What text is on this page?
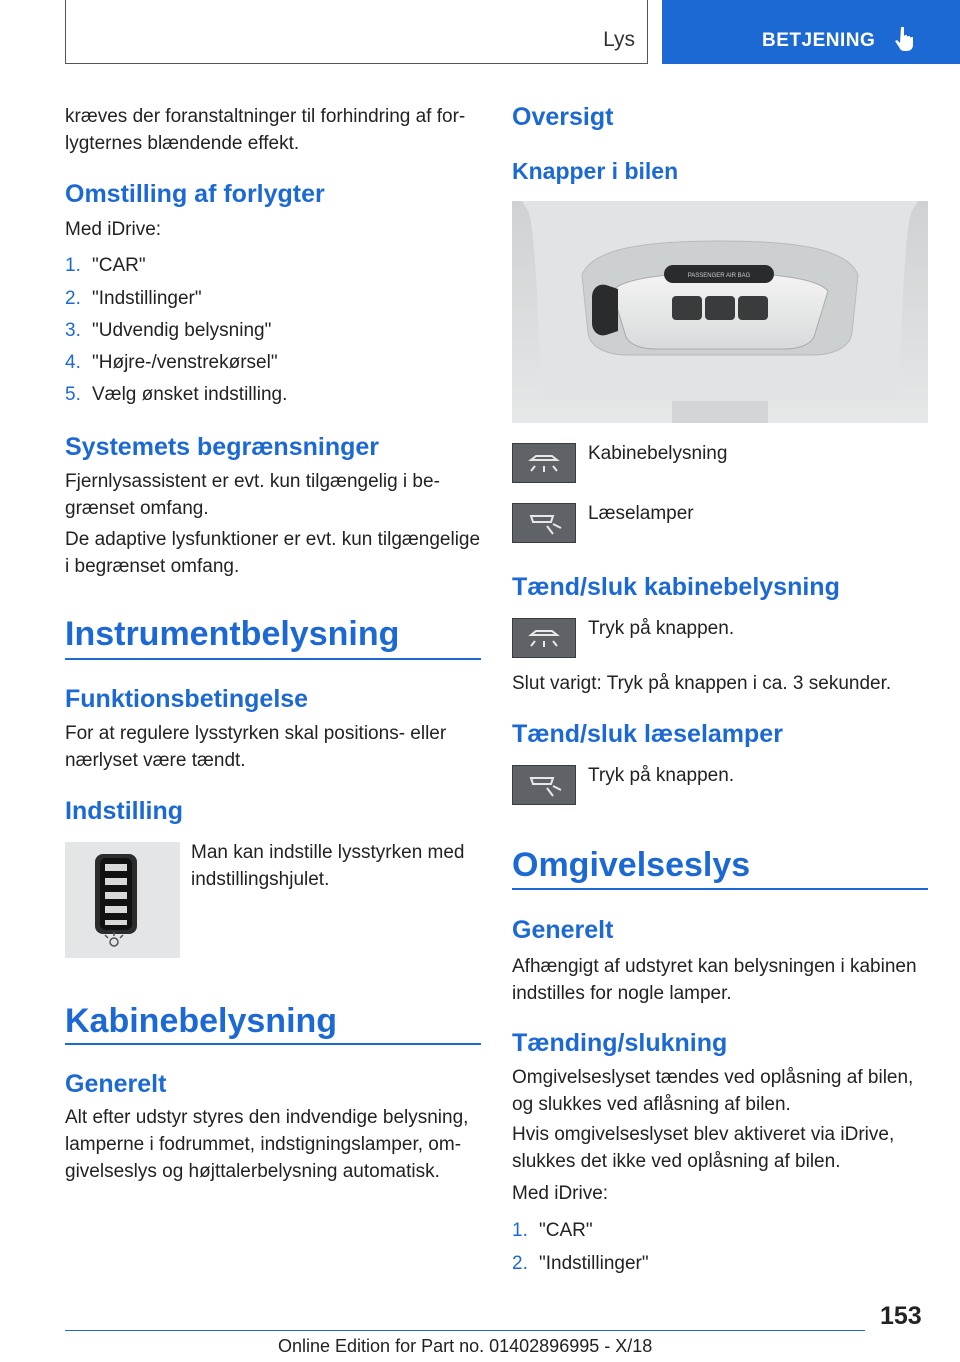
Lys	BETJENING
kræves der foranstaltninger til forhindring af forlygternes blændende effekt.
Omstilling af forlygter
Med iDrive:
1. "CAR"
2. "Indstillinger"
3. "Udvendig belysning"
4. "Højre-/venstrekørsel"
5. Vælg ønsket indstilling.
Systemets begrænsninger
Fjernlysassistent er evt. kun tilgængelig i begrænset omfang.
De adaptive lysfunktioner er evt. kun tilgængelige i begrænset omfang.
Instrumentbelysning
Funktionsbetingelse
For at regulere lysstyrken skal positions- eller nærlyset være tændt.
Indstilling
Man kan indstille lysstyrken med indstillingshjulet.
Kabinebelysning
Generelt
Alt efter udstyr styres den indvendige belysning, lamperne i fodrummet, indstigningslamper, omgivelseslys og højttalerbelysning automatisk.
Oversigt
Knapper i bilen
PASSENGER AIR BAG
Kabinebelysning
Læselamper
Tænd/sluk kabinebelysning
Tryk på knappen.
Slut varigt: Tryk på knappen i ca. 3 sekunder.
Tænd/sluk læselamper
Tryk på knappen.
Omgivelseslys
Generelt
Afhængigt af udstyret kan belysningen i kabinen indstilles for nogle lamper.
Tænding/slukning
Omgivelseslyset tændes ved oplåsning af bilen, og slukkes ved aflåsning af bilen.
Hvis omgivelseslyset blev aktiveret via iDrive, slukkes det ikke ved oplåsning af bilen.
Med iDrive:
1. "CAR"
2. "Indstillinger"
153
Online Edition for Part no. 01402896995 - X/18
